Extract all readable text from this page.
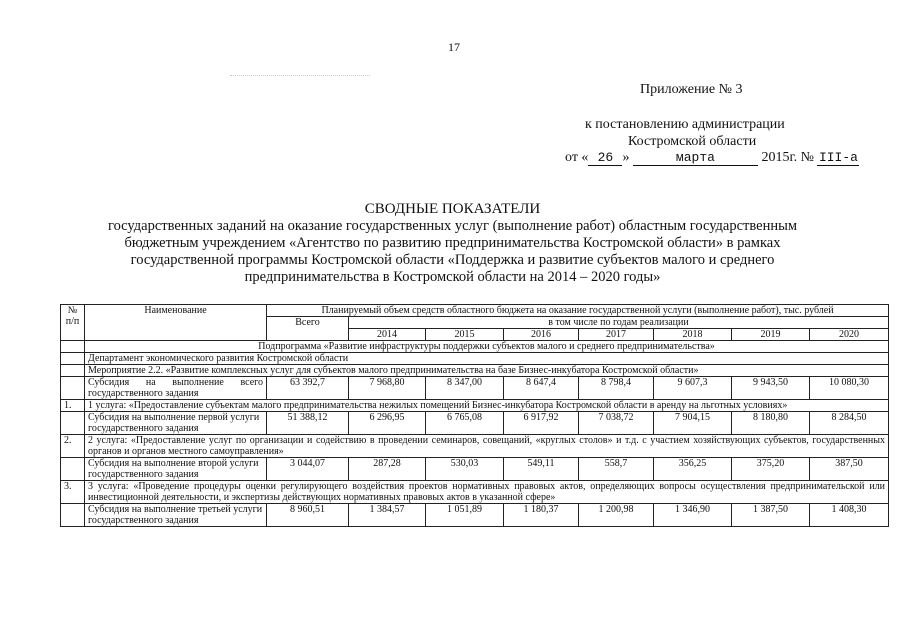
17
Приложение № 3
к постановлению администрации
Костромской области
от « 26 »	марта	2015г. № III-а
СВОДНЫЕ ПОКАЗАТЕЛИ
государственных заданий на оказание государственных услуг (выполнение работ) областным государственным
бюджетным учреждением «Агентство по развитию предпринимательства Костромской области» в рамках
государственной программы Костромской области «Поддержка и развитие субъектов малого и среднего
предпринимательства в Костромской области на 2014 – 2020 годы»
№ п/п	Наименование	Планируемый объем средств областного бюджета на оказание государственной услуги (выполнение работ), тыс. рублей							
		Всего	в том числе по годам реализации						
			2014	2015	2016	2017	2018	2019	2020
	Подпрограмма «Развитие инфраструктуры поддержки субъектов малого и среднего предпринимательства»								
	Департамент экономического развития Костромской области								
	Мероприятие 2.2. «Развитие комплексных услуг для субъектов малого предпринимательства на базе Бизнес-инкубатора Костромской области»								
	Субсидия на выполнение всего государственного задания	63 392,7	7 968,80	8 347,00	8 647,4	8 798,4	9 607,3	9 943,50	10 080,30
1.	1 услуга: «Предоставление субъектам малого предпринимательства нежилых помещений Бизнес-инкубатора Костромской области в аренду на льготных условиях»								
	Субсидия на выполнение первой услуги государственного задания	51 388,12	6 296,95	6 765,08	6 917,92	7 038,72	7 904,15	8 180,80	8 284,50
2.	2 услуга: «Предоставление услуг по организации и содействию в проведении семинаров, совещаний, «круглых столов» и т.д. с участием хозяйствующих субъектов, государственных органов и органов местного самоуправления»								
	Субсидия на выполнение второй услуги государственного задания	3 044,07	287,28	530,03	549,11	558,7	356,25	375,20	387,50
3.	3 услуга: «Проведение процедуры оценки регулирующего воздействия проектов нормативных правовых актов, определяющих вопросы осуществления предпринимательской или инвестиционной деятельности, и экспертизы действующих нормативных правовых актов в указанной сфере»								
	Субсидия на выполнение третьей услуги государственного задания	8 960,51	1 384,57	1 051,89	1 180,37	1 200,98	1 346,90	1 387,50	1 408,30
